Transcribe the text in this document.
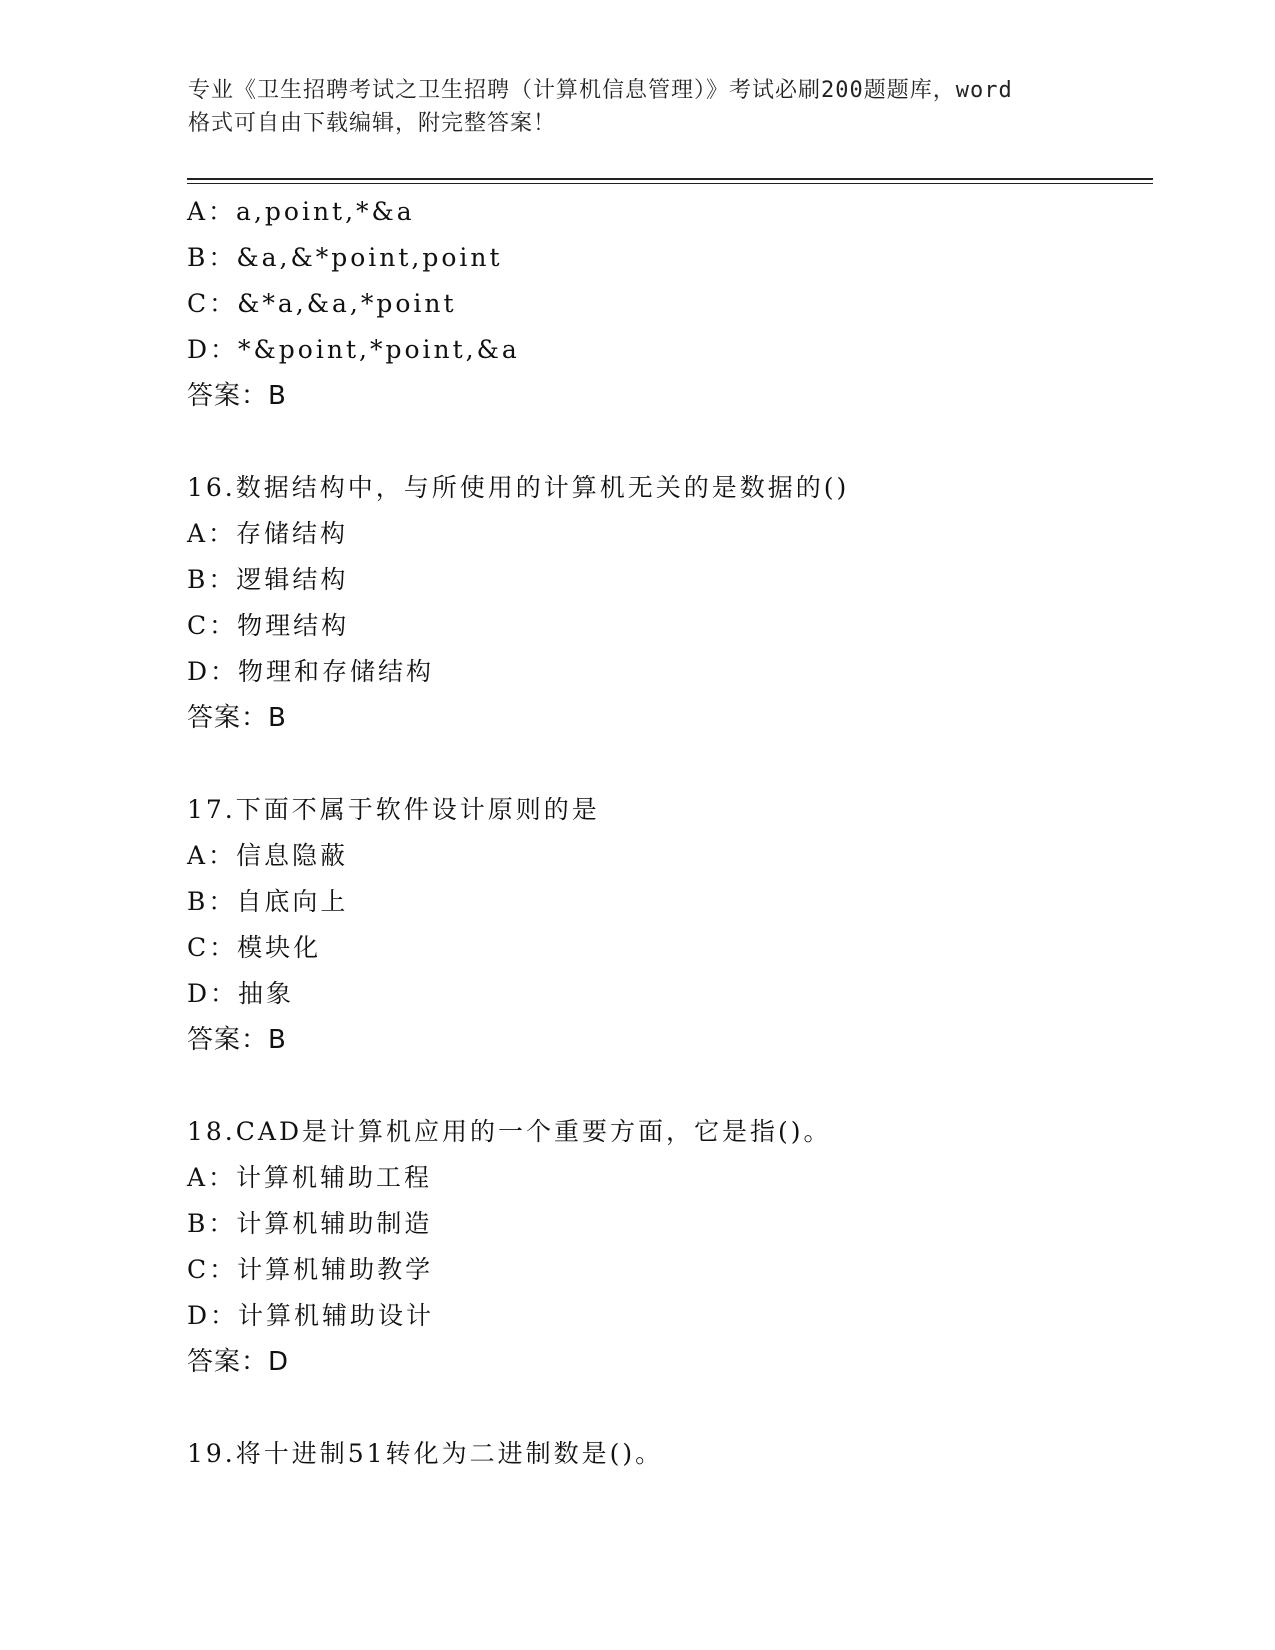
专业《卫生招聘考试之卫生招聘（计算机信息管理）》考试必刷200题题库，word
格式可自由下载编辑，附完整答案！
A：a,point,*&a
B：&a,&*point,point
C：&*a,&a,*point
D：*&point,*point,&a
答案：B
16.数据结构中，与所使用的计算机无关的是数据的()
A：存储结构
B：逻辑结构
C：物理结构
D：物理和存储结构
答案：B
17.下面不属于软件设计原则的是
A：信息隐蔽
B：自底向上
C：模块化
D：抽象
答案：B
18.CAD是计算机应用的一个重要方面，它是指()。
A：计算机辅助工程
B：计算机辅助制造
C：计算机辅助教学
D：计算机辅助设计
答案：D
19.将十进制51转化为二进制数是()。
